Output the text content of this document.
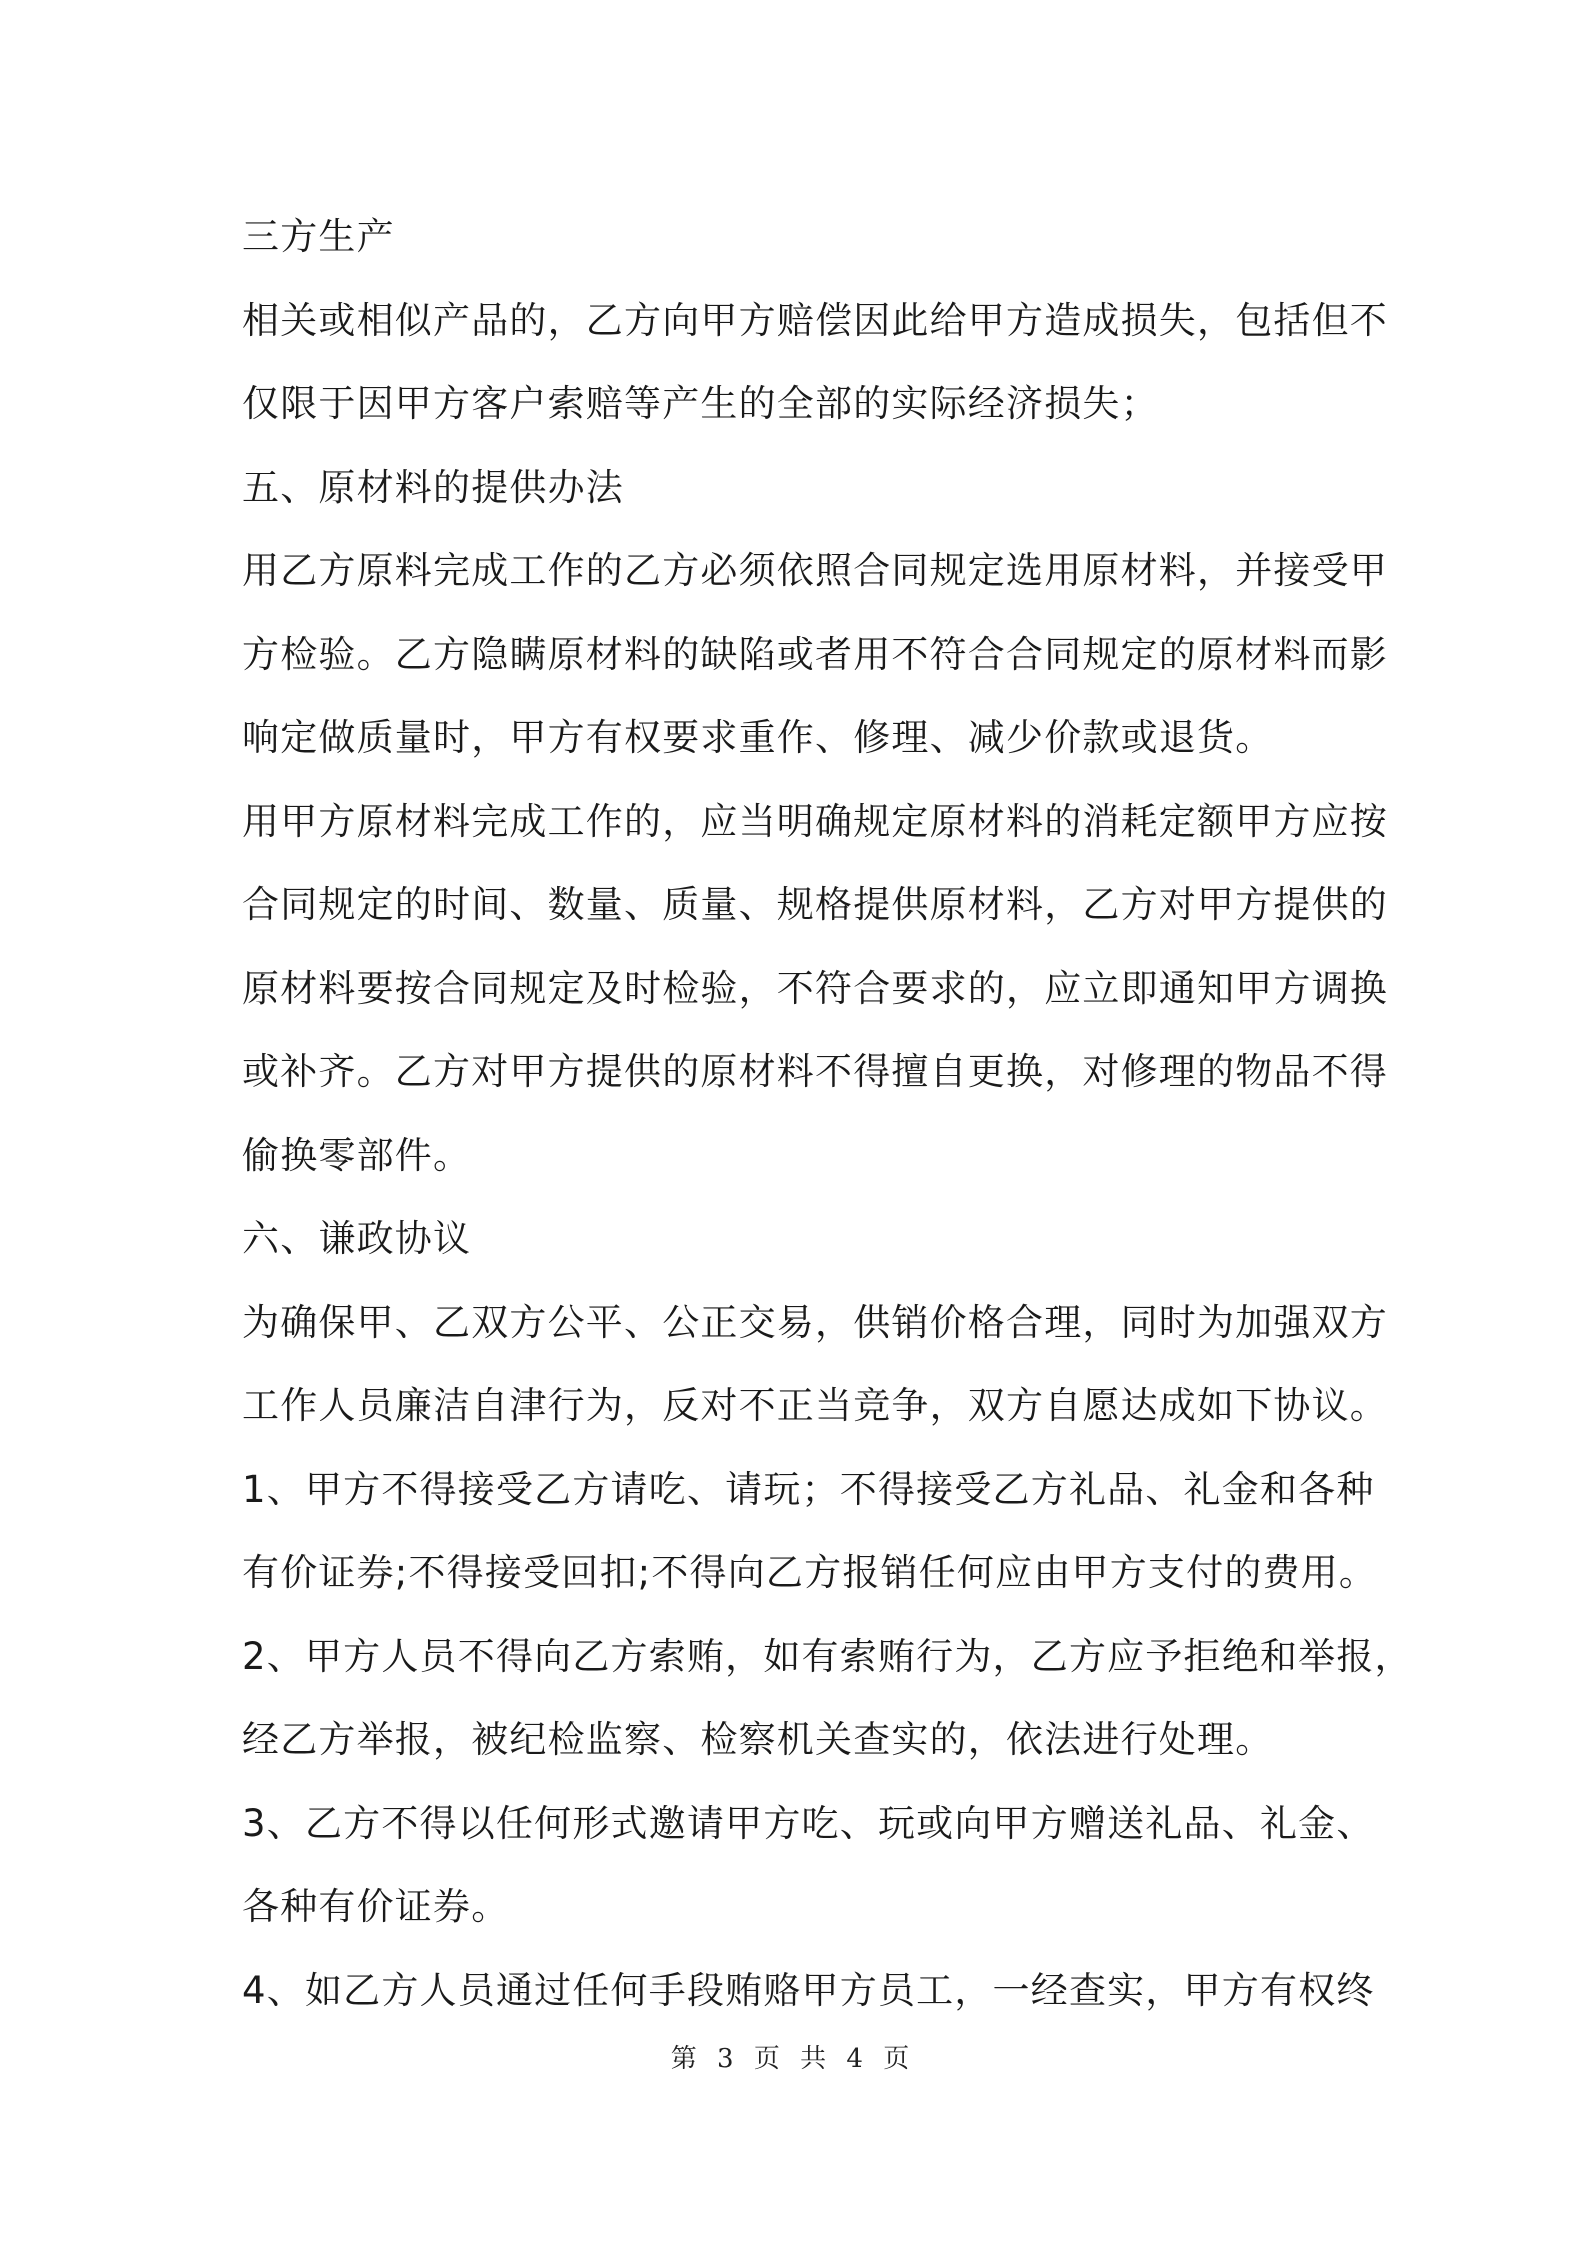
三方生产
相关或相似产品的，乙方向甲方赔偿因此给甲方造成损失，包括但不
仅限于因甲方客户索赔等产生的全部的实际经济损失；
五、原材料的提供办法
用乙方原料完成工作的乙方必须依照合同规定选用原材料，并接受甲
方检验。乙方隐瞒原材料的缺陷或者用不符合合同规定的原材料而影
响定做质量时，甲方有权要求重作、修理、减少价款或退货。
用甲方原材料完成工作的，应当明确规定原材料的消耗定额甲方应按
合同规定的时间、数量、质量、规格提供原材料，乙方对甲方提供的
原材料要按合同规定及时检验，不符合要求的，应立即通知甲方调换
或补齐。乙方对甲方提供的原材料不得擅自更换，对修理的物品不得
偷换零部件。
六、谦政协议
为确保甲、乙双方公平、公正交易，供销价格合理，同时为加强双方
工作人员廉洁自津行为，反对不正当竞争，双方自愿达成如下协议。
1、甲方不得接受乙方请吃、请玩；不得接受乙方礼品、礼金和各种
有价证券;不得接受回扣;不得向乙方报销任何应由甲方支付的费用。
2、甲方人员不得向乙方索贿，如有索贿行为，乙方应予拒绝和举报，
经乙方举报，被纪检监察、检察机关查实的，依法进行处理。
3、乙方不得以任何形式邀请甲方吃、玩或向甲方赠送礼品、礼金、
各种有价证券。
4、如乙方人员通过任何手段贿赂甲方员工，一经查实，甲方有权终
第 3 页 共 4 页
